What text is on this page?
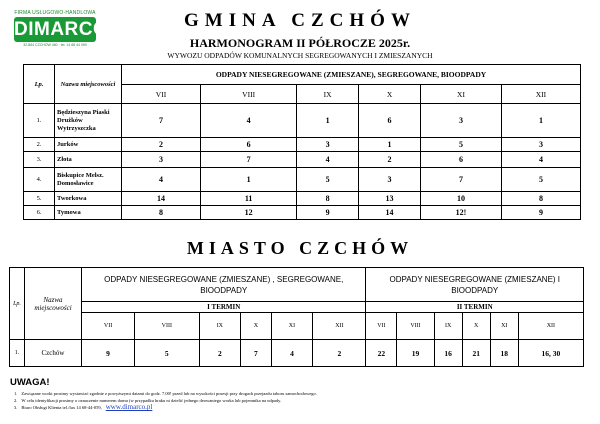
FIRMA USŁUGOWO-HANDLOWA
DIMARCO
32-864 CZCHÓW 460 · tel. 14 68 44 059
GMINA CZCHÓW
HARMONOGRAM II PÓŁROCZE 2025r.
WYWOZU ODPADÓW KOMUNALNYCH SEGREGOWANYCH I ZMIESZANYCH
Lp.	Nazwa miejscowości	ODPADY NIESEGREGOWANE (ZMIESZANE), SEGREGOWANE, BIOODPADY					
		VII	VIII	IX	X	XI	XII
1.	Będzieszyna Piaski Drużków Wytrzyszczka	7	4	1	6	3	1
2.	Jurków	2	6	3	1	5	3
3.	Złota	3	7	4	2	6	4
4.	Biskupice Melsz. Domosławice	4	1	5	3	7	5
5.	Tworkowa	14	11	8	13	10	8
6.	Tymowa	8	12	9	14	12!	9
MIASTO CZCHÓW
Lp.	Nazwa miejscowości	ODPADY NIESEGREGOWANE (ZMIESZANE) , SEGREGOWANE, BIOODPADY						ODPADY NIESEGREGOWANE (ZMIESZANE) I BIOODPADY					
		I TERMIN						II TERMIN					
		VII	VIII	IX	X	XI	XII	VII	VIII	IX	X	XI	XII
1.	Czchów	9	5	2	7	4	2	22	19	16	21	18	16, 30
UWAGA!
1. Zawiązane worki prosimy wystawiać zgodnie z powyższymi datami do godz. 7.00! przed lub na wysokości posesji przy drogach przejazdu taboru samochodowego.
2. W celu identyfikacji prosimy o oznaczenie numerem domu (w przypadku braku ni dzielić jednego deowaniego worka lub pojemnika na odpady.
3. Biuro Obsługi Klienta tel./fax 14 68-44-059, www.dimarco.pl
